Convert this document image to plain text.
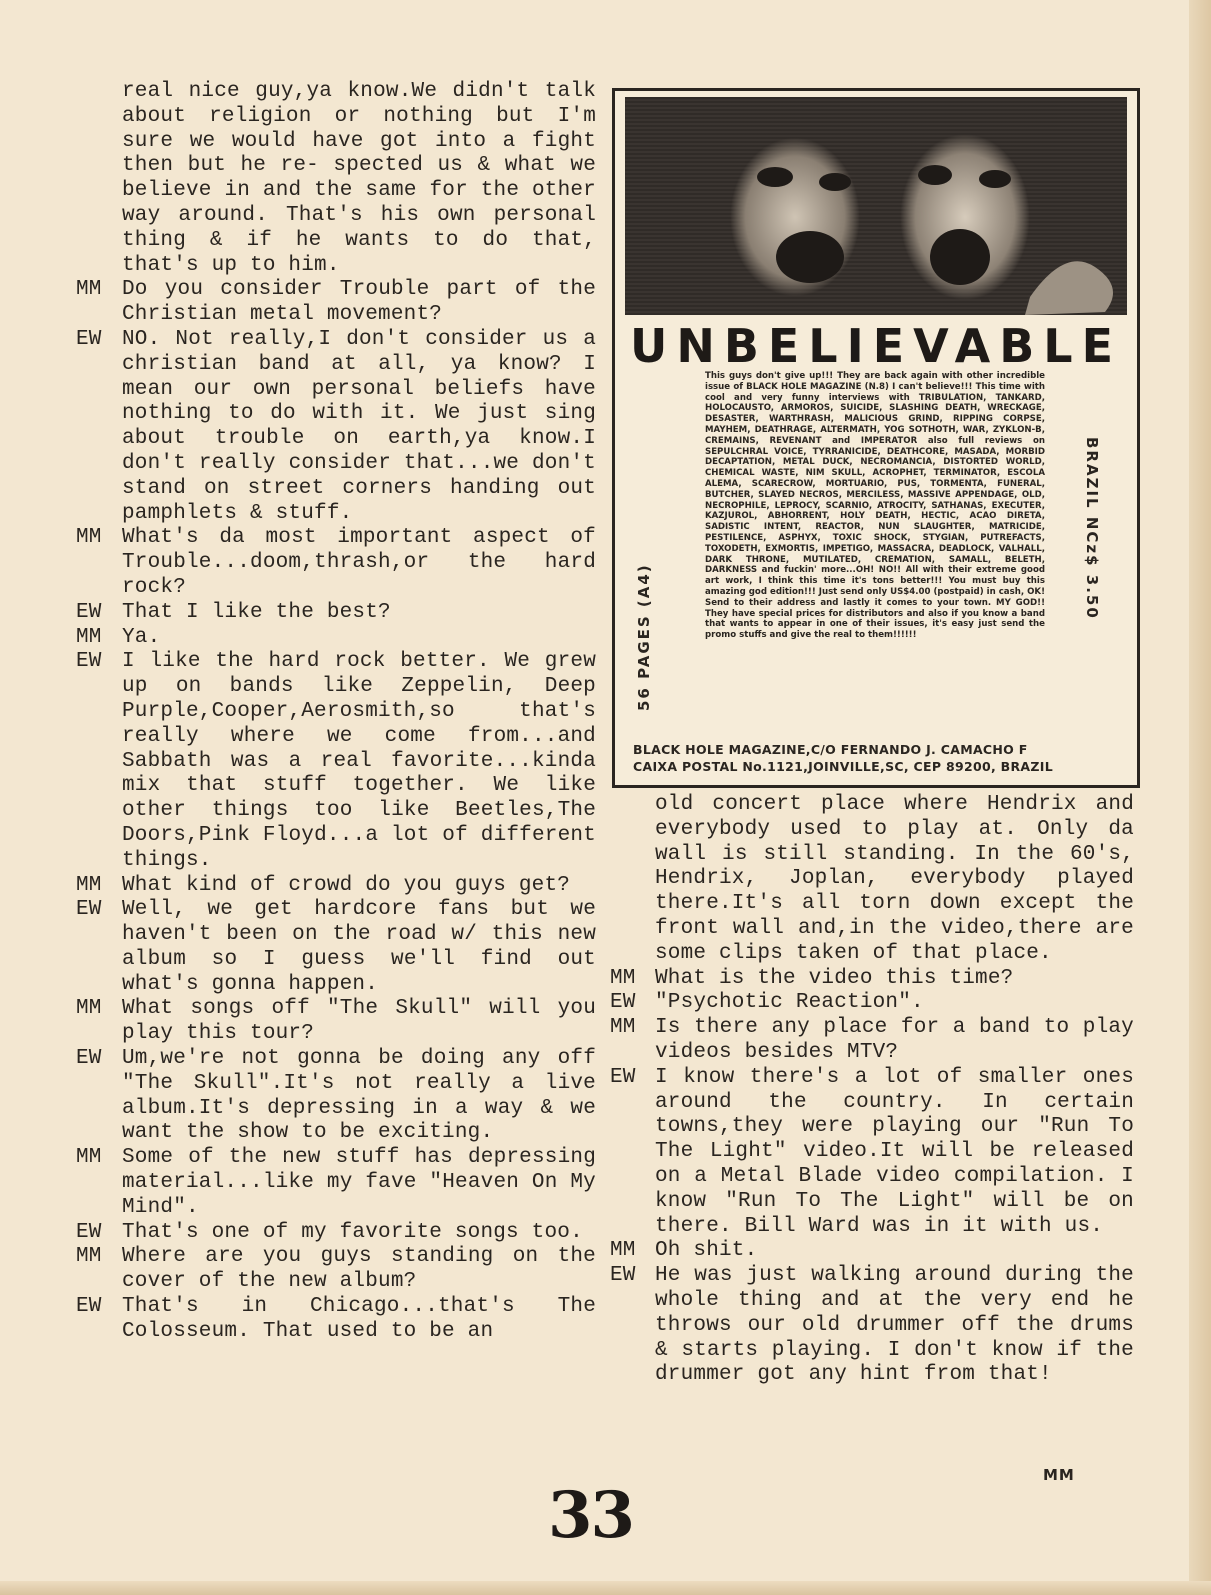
real nice guy,ya know.We didn't talk about religion or nothing but I'm sure we would have got into a fight then but he re- spected us & what we believe in and the same for the other way around. That's his own personal thing & if he wants to do that, that's up to him.
MM Do you consider Trouble part of the Christian metal movement?
EW NO. Not really,I don't consider us a christian band at all, ya know? I mean our own personal beliefs have nothing to do with it. We just sing about trouble on earth,ya know.I don't really consider that...we don't stand on street corners handing out pamphlets & stuff.
MM What's da most important aspect of Trouble...doom,thrash,or the hard rock?
EW That I like the best?
MM Ya.
EW I like the hard rock better. We grew up on bands like Zeppelin, Deep Purple,Cooper,Aerosmith,so that's really where we come from...and Sabbath was a real favorite...kinda mix that stuff together. We like other things too like Beetles,The Doors,Pink Floyd...a lot of different things.
MM What kind of crowd do you guys get?
EW Well, we get hardcore fans but we haven't been on the road w/ this new album so I guess we'll find out what's gonna happen.
MM What songs off "The Skull" will you play this tour?
EW Um,we're not gonna be doing any off "The Skull".It's not really a live album.It's depressing in a way & we want the show to be exciting.
MM Some of the new stuff has depressing material...like my fave "Heaven On My Mind".
EW That's one of my favorite songs too.
MM Where are you guys standing on the cover of the new album?
EW That's in Chicago...that's The Colosseum. That used to be an
UNBELIEVABLE
56 PAGES (A4)
BRAZIL NCz$ 3.50
This guys don't give up!!! They are back again with other incredible issue of BLACK HOLE MAGAZINE (N.8) I can't believe!!! This time with cool and very funny interviews with TRIBULATION, TANKARD, HOLOCAUSTO, ARMOROS, SUICIDE, SLASHING DEATH, WRECKAGE, DESASTER, WARTHRASH, MALICIOUS GRIND, RIPPING CORPSE, MAYHEM, DEATHRAGE, ALTERMATH, YOG SOTHOTH, WAR, ZYKLON-B, CREMAINS, REVENANT and IMPERATOR also full reviews on SEPULCHRAL VOICE, TYRRANICIDE, DEATHCORE, MASADA, MORBID DECAPTATION, METAL DUCK, NECROMANCIA, DISTORTED WORLD, CHEMICAL WASTE, NIM SKULL, ACROPHET, TERMINATOR, ESCOLA ALEMA, SCARECROW, MORTUARIO, PUS, TORMENTA, FUNERAL, BUTCHER, SLAYED NECROS, MERCILESS, MASSIVE APPENDAGE, OLD, NECROPHILE, LEPROCY, SCARNIO, ATROCITY, SATHANAS, EXECUTER, KAZJUROL, ABHORRENT, HOLY DEATH, HECTIC, ACAO DIRETA, SADISTIC INTENT, REACTOR, NUN SLAUGHTER, MATRICIDE, PESTILENCE, ASPHYX, TOXIC SHOCK, STYGIAN, PUTREFACTS, TOXODETH, EXMORTIS, IMPETIGO, MASSACRA, DEADLOCK, VALHALL, DARK THRONE, MUTILATED, CREMATION, SAMALL, BELETH, DARKNESS and fuckin' more...OH! NO!! All with their extreme good art work, I think this time it's tons better!!! You must buy this amazing god edition!!! Just send only US$4.00 (postpaid) in cash, OK! Send to their address and lastly it comes to your town. MY GOD!! They have special prices for distributors and also if you know a band that wants to appear in one of their issues, it's easy just send the promo stuffs and give the real to them!!!!!!
BLACK HOLE MAGAZINE,C/O FERNANDO J. CAMACHO F
CAIXA POSTAL No.1121,JOINVILLE,SC, CEP 89200, BRAZIL
old concert place where Hendrix and everybody used to play at. Only da wall is still standing. In the 60's, Hendrix, Joplan, everybody played there.It's all torn down except the front wall and,in the video,there are some clips taken of that place.
MM What is the video this time?
EW "Psychotic Reaction".
MM Is there any place for a band to play videos besides MTV?
EW I know there's a lot of smaller ones around the country. In certain towns,they were playing our "Run To The Light" video.It will be released on a Metal Blade video compilation. I know "Run To The Light" will be on there. Bill Ward was in it with us.
MM Oh shit.
EW He was just walking around during the whole thing and at the very end he throws our old drummer off the drums & starts playing. I don't know if the drummer got any hint from that!
MM
33
